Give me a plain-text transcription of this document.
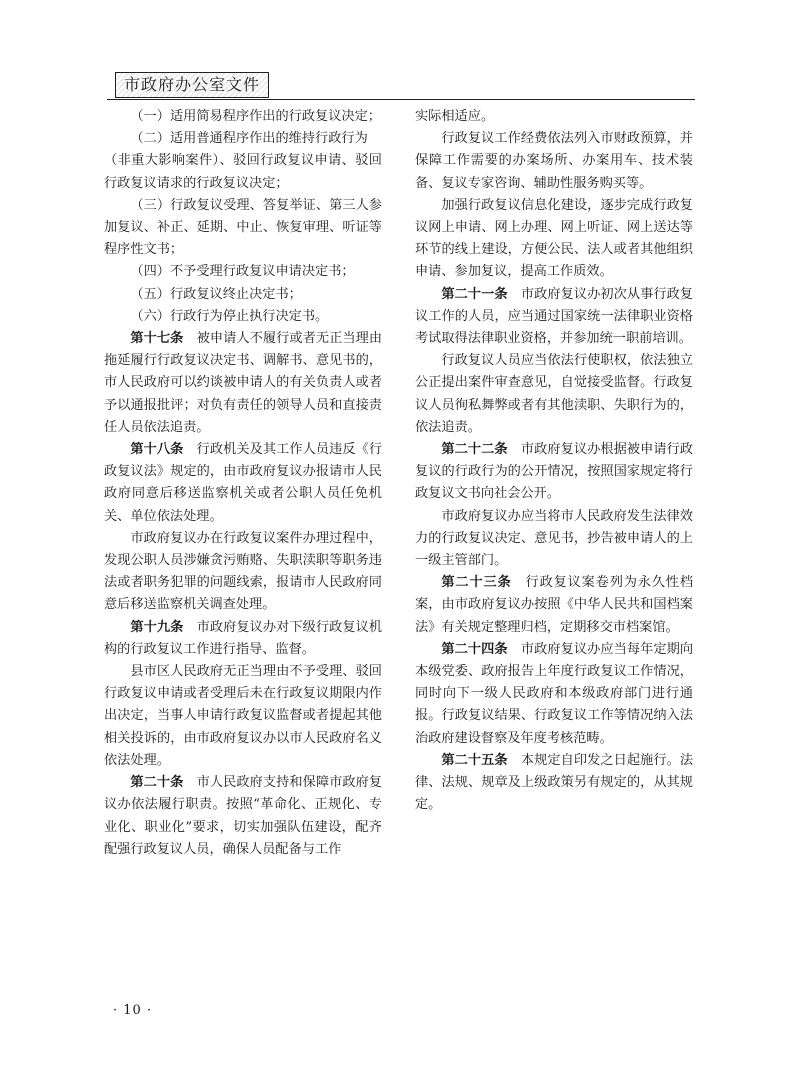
市政府办公室文件

（一）适用简易程序作出的行政复议决定；

（二）适用普通程序作出的维持行政行为

（非重大影响案件）、驳回行政复议申请、驳回行政复议请求的行政复议决定；

（三）行政复议受理、答复举证、第三人参加复议、补正、延期、中止、恢复审理、听证等程序性文书；

（四）不予受理行政复议申请决定书；

（五）行政复议终止决定书；

（六）行政行为停止执行决定书。

第十七条　 被申请人不履行或者无正当理由拖延履行行政复议决定书、调解书、意见书的，市人民政府可以约谈被申请人的有关负责人或者予以通报批评；对负有责任的领导人员和直接责任人员依法追责。

第十八条　 行政机关及其工作人员违反《行政复议法》规定的，由市政府复议办报请市人民政府同意后移送监察机关或者公职人员任免机关、单位依法处理。

市政府复议办在行政复议案件办理过程中，发现公职人员涉嫌贪污贿赂、失职渎职等职务违法或者职务犯罪的问题线索，报请市人民政府同意后移送监察机关调查处理。

第十九条　 市政府复议办对下级行政复议机构的行政复议工作进行指导、监督。

县市区人民政府无正当理由不予受理、驳回行政复议申请或者受理后未在行政复议期限内作出决定，当事人申请行政复议监督或者提起其他相关投诉的，由市政府复议办以市人民政府名义依法处理。

第二十条　 市人民政府支持和保障市政府复议办依法履行职责。按照“革命化、正规化、专业化、职业化”要求，切实加强队伍建设，配齐配强行政复议人员，确保人员配备与工作

实际相适应。

行政复议工作经费依法列入市财政预算，并保障工作需要的办案场所、办案用车、技术装备、复议专家咨询、辅助性服务购买等。

加强行政复议信息化建设，逐步完成行政复议网上申请、网上办理、网上听证、网上送达等环节的线上建设，方便公民、法人或者其他组织申请、参加复议，提高工作质效。

第二十一条　 市政府复议办初次从事行政复议工作的人员，应当通过国家统一法律职业资格考试取得法律职业资格，并参加统一职前培训。

行政复议人员应当依法行使职权，依法独立公正提出案件审查意见，自觉接受监督。行政复议人员徇私舞弊或者有其他渎职、失职行为的，依法追责。

第二十二条　 市政府复议办根据被申请行政复议的行政行为的公开情况，按照国家规定将行政复议文书向社会公开。

市政府复议办应当将市人民政府发生法律效力的行政复议决定、意见书，抄告被申请人的上一级主管部门。

第二十三条　 行政复议案卷列为永久性档案，由市政府复议办按照《中华人民共和国档案法》有关规定整理归档，定期移交市档案馆。

第二十四条　 市政府复议办应当每年定期向本级党委、政府报告上年度行政复议工作情况，同时向下一级人民政府和本级政府部门进行通报。行政复议结果、行政复议工作等情况纳入法治政府建设督察及年度考核范畴。

第二十五条　 本规定自印发之日起施行。法律、法规、规章及上级政策另有规定的，从其规定。

· 10 ·
